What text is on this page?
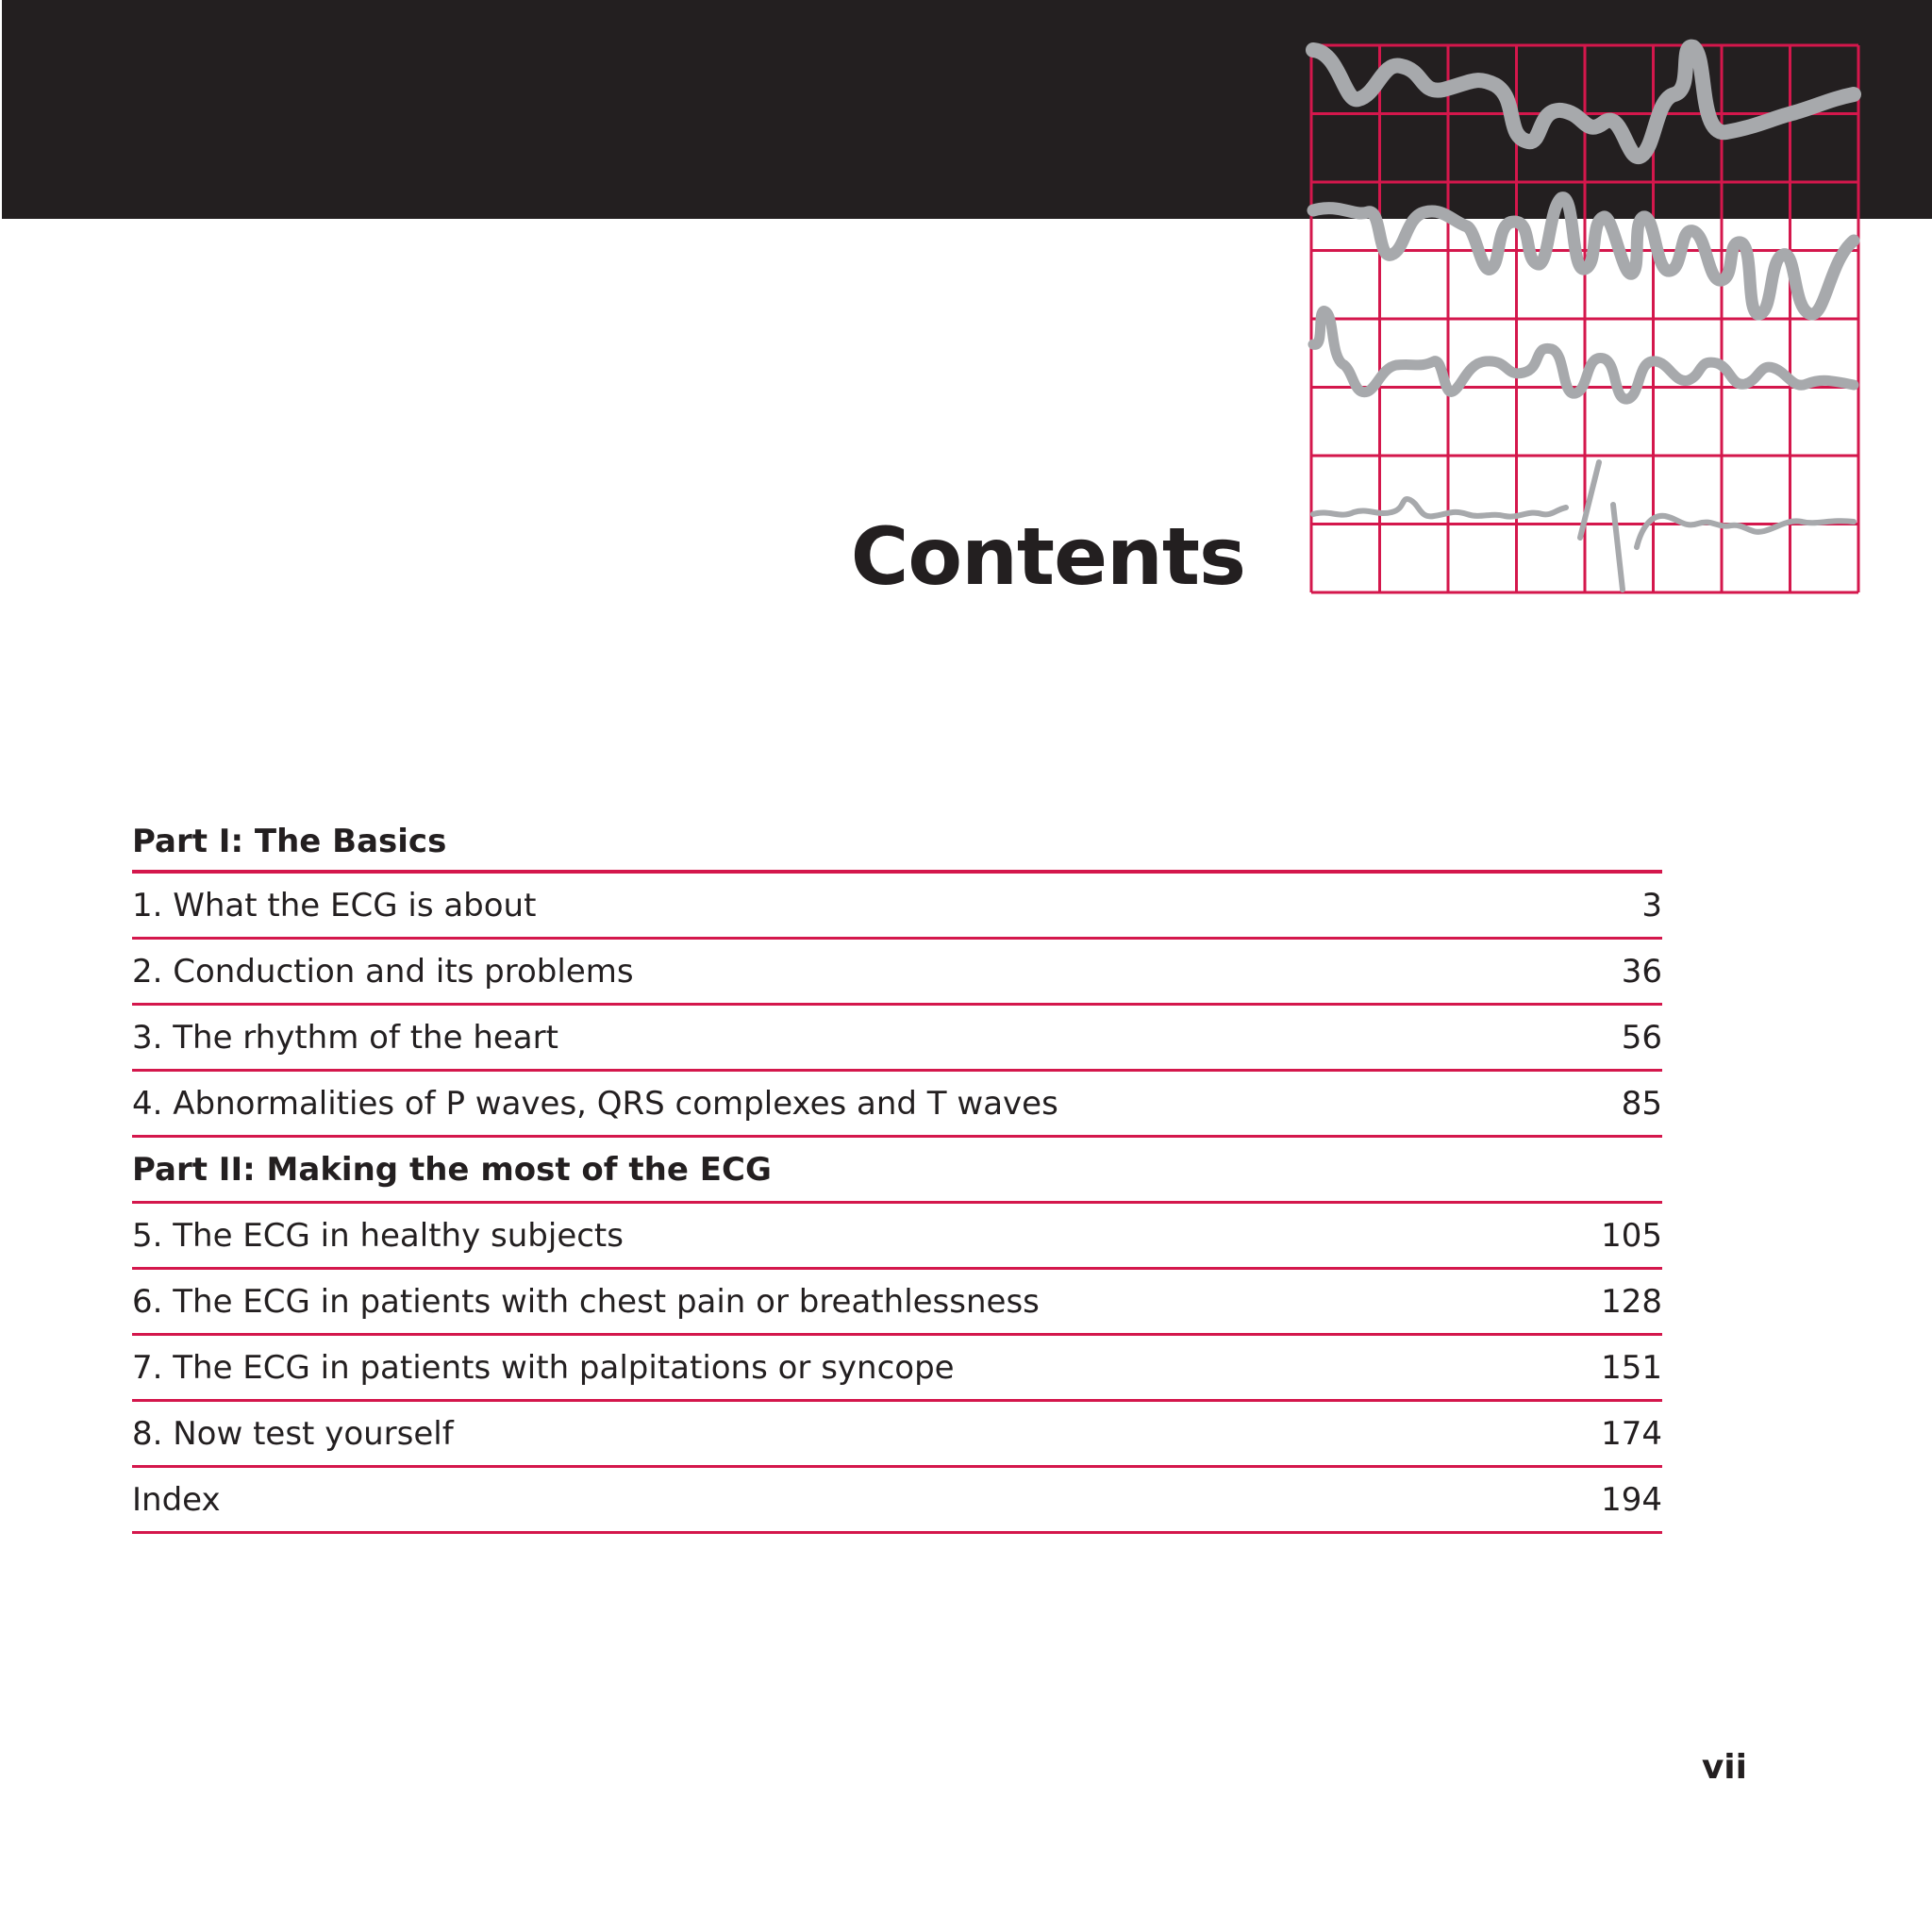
Contents
Part I: The Basics
1. What the ECG is about	3
2. Conduction and its problems	36
3. The rhythm of the heart	56
4. Abnormalities of P waves, QRS complexes and T waves	85
Part II: Making the most of the ECG
5. The ECG in healthy subjects	105
6. The ECG in patients with chest pain or breathlessness	128
7. The ECG in patients with palpitations or syncope	151
8. Now test yourself	174
Index	194
vii
